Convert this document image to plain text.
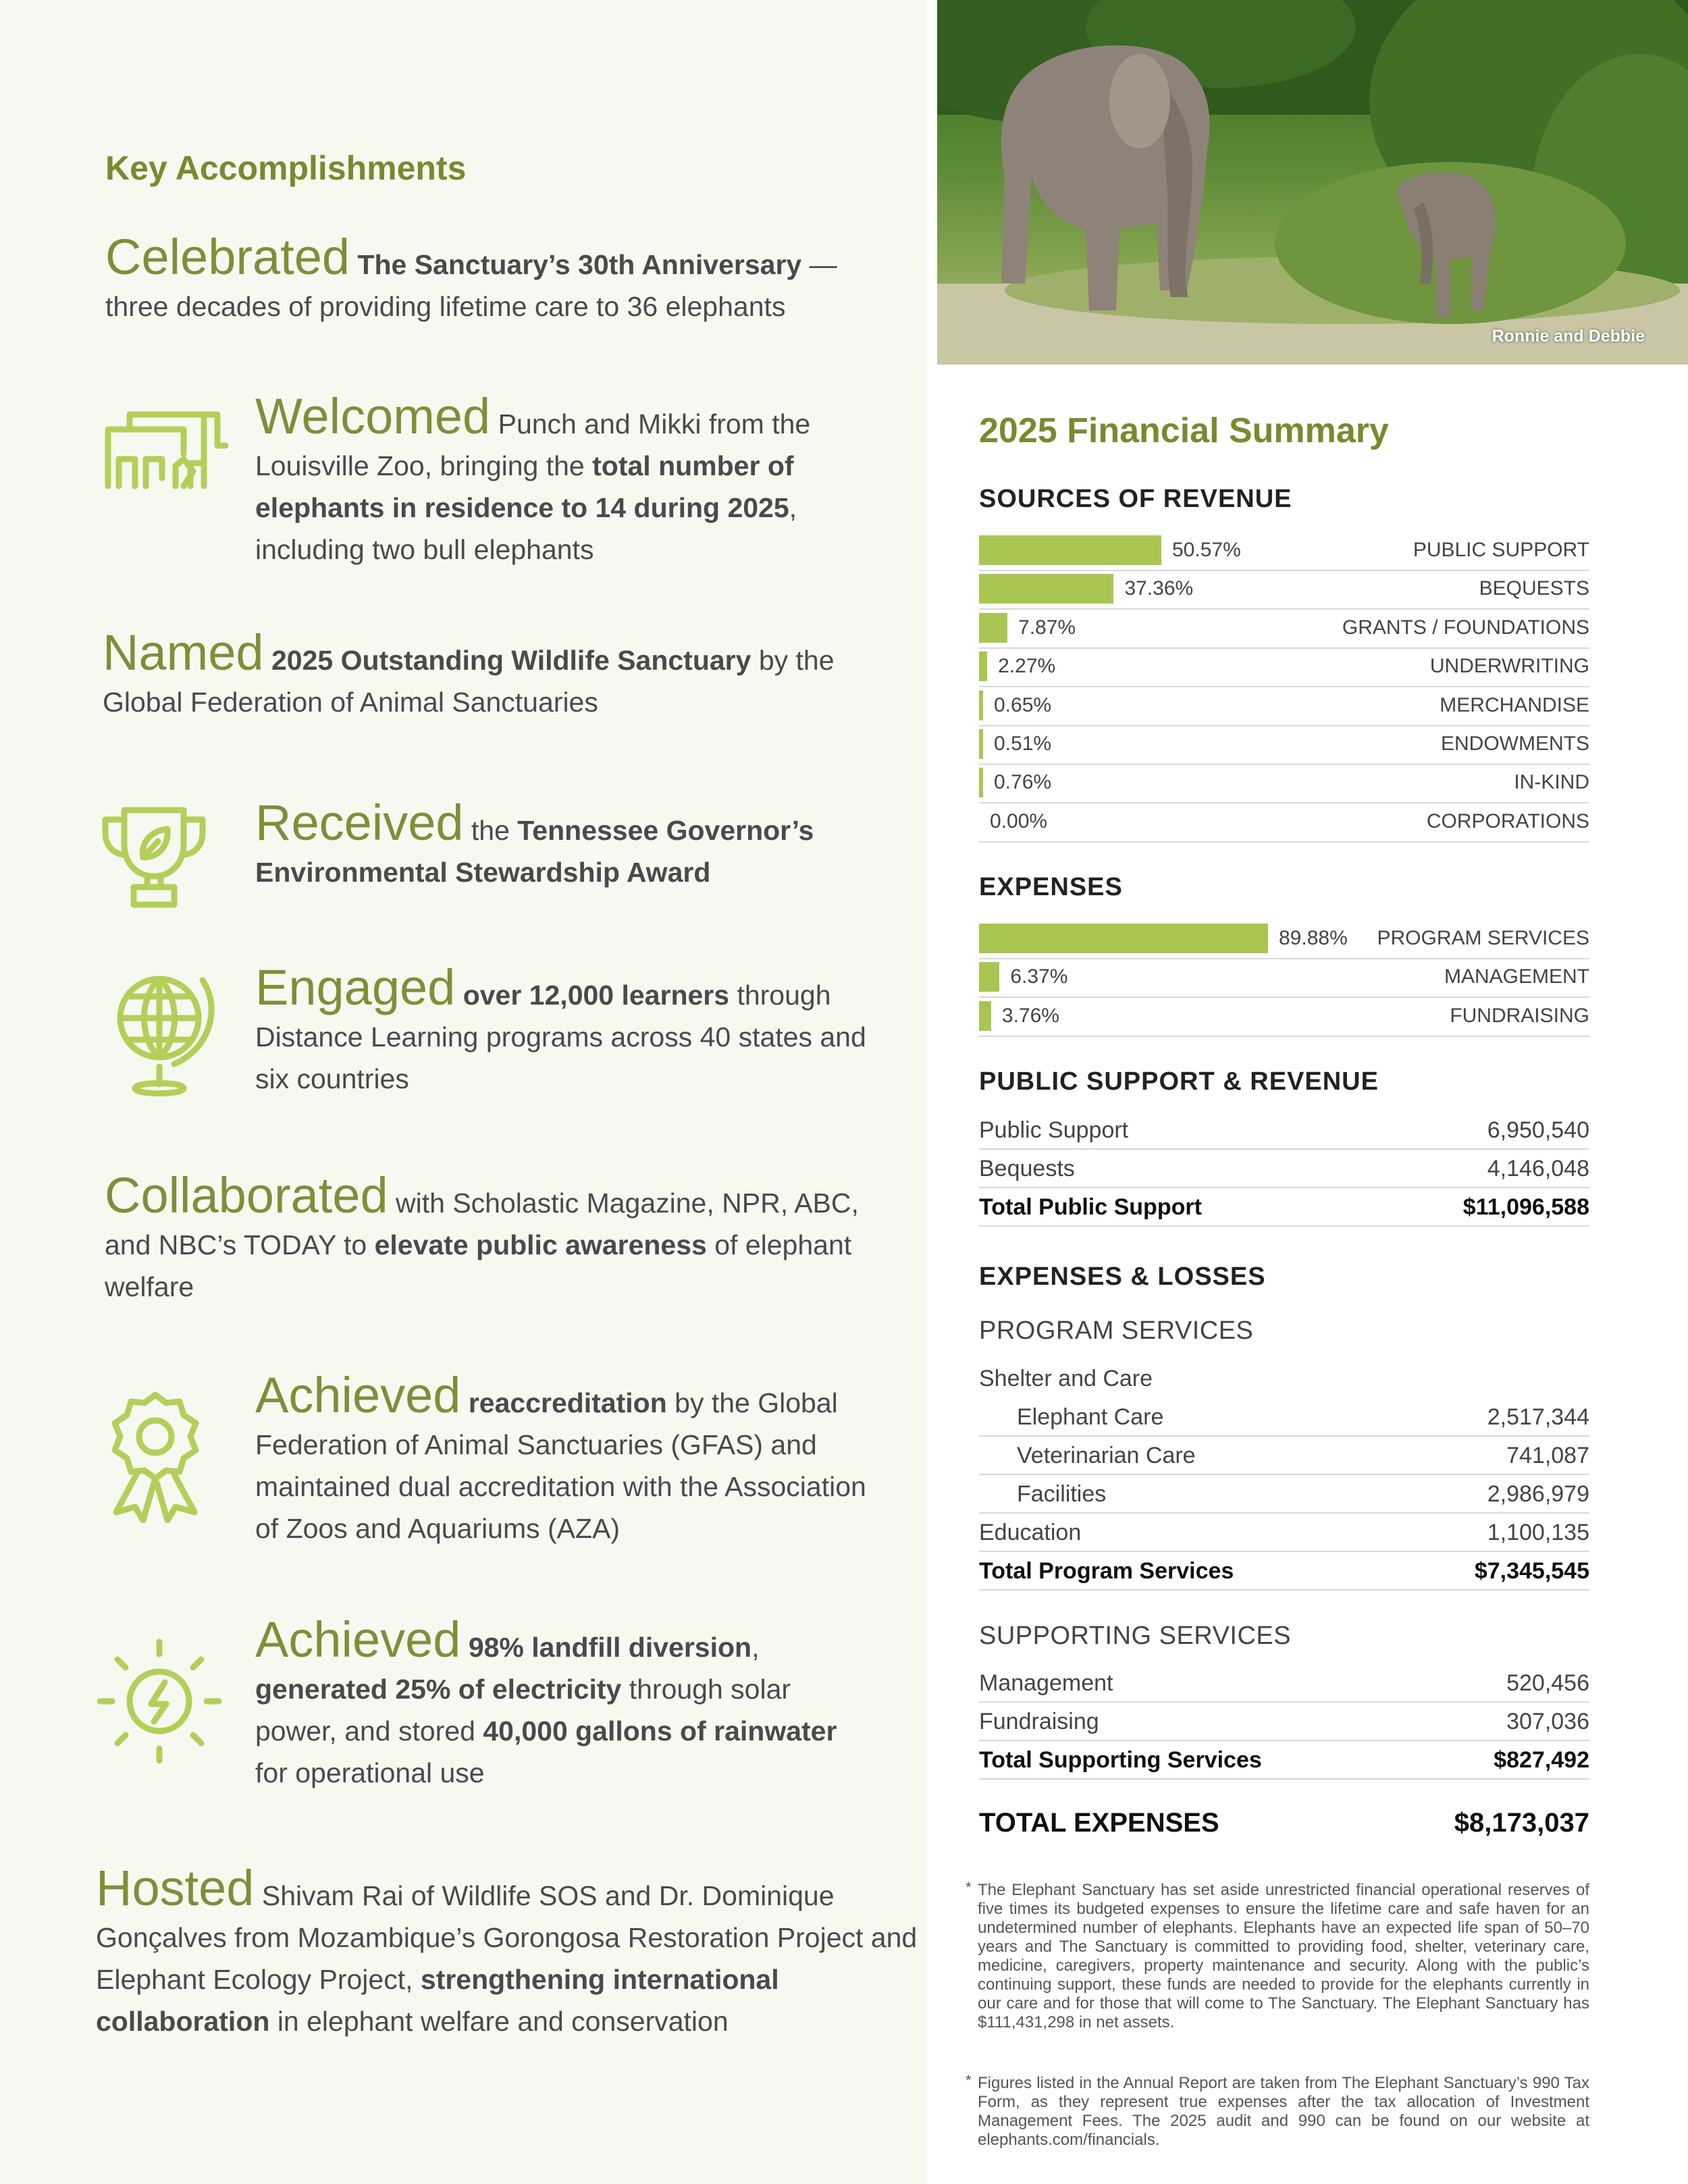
Key Accomplishments
Celebrated The Sanctuary’s 30th Anniversary — three decades of providing lifetime care to 36 elephants
Welcomed Punch and Mikki from the Louisville Zoo, bringing the total number of elephants in residence to 14 during 2025, including two bull elephants
Named 2025 Outstanding Wildlife Sanctuary by the Global Federation of Animal Sanctuaries
Received the Tennessee Governor’s Environmental Stewardship Award
Engaged over 12,000 learners through Distance Learning programs across 40 states and six countries
Collaborated with Scholastic Magazine, NPR, ABC, and NBC’s TODAY to elevate public awareness of elephant welfare
Achieved reaccreditation by the Global Federation of Animal Sanctuaries (GFAS) and maintained dual accreditation with the Association of Zoos and Aquariums (AZA)
Achieved 98% landfill diversion, generated 25% of electricity through solar power, and stored 40,000 gallons of rainwater for operational use
Hosted Shivam Rai of Wildlife SOS and Dr. Dominique Gonçalves from Mozambique’s Gorongosa Restoration Project and Elephant Ecology Project, strengthening international collaboration in elephant welfare and conservation
Ronnie and Debbie
2025 Financial Summary
SOURCES OF REVENUE
50.57%	PUBLIC SUPPORT
37.36%	BEQUESTS
7.87%	GRANTS / FOUNDATIONS
2.27%	UNDERWRITING
0.65%	MERCHANDISE
0.51%	ENDOWMENTS
0.76%	IN-KIND
0.00%	CORPORATIONS
EXPENSES
89.88% PROGRAM SERVICES
6.37%	MANAGEMENT
3.76%	FUNDRAISING
PUBLIC SUPPORT & REVENUE
Public Support	6,950,540
Bequests	4,146,048
Total Public Support	$11,096,588
EXPENSES & LOSSES
PROGRAM SERVICES
Shelter and Care
Elephant Care	2,517,344
Veterinarian Care	741,087
Facilities	2,986,979
Education	1,100,135
Total Program Services	$7,345,545
SUPPORTING SERVICES
Management	520,456
Fundraising	307,036
Total Supporting Services	$827,492
TOTAL EXPENSES	$8,173,037
* The Elephant Sanctuary has set aside unrestricted financial operational reserves of five times its budgeted expenses to ensure the lifetime care and safe haven for an undetermined number of elephants. Elephants have an expected life span of 50–70 years and The Sanctuary is committed to providing food, shelter, veterinary care, medicine, caregivers, property maintenance and security. Along with the public’s continuing support, these funds are needed to provide for the elephants currently in our care and for those that will come to The Sanctuary. The Elephant Sanctuary has $111,431,298 in net assets.
* Figures listed in the Annual Report are taken from The Elephant Sanctuary’s 990 Tax Form, as they represent true expenses after the tax allocation of Investment Management Fees. The 2025 audit and 990 can be found on our website at elephants.com/financials.
